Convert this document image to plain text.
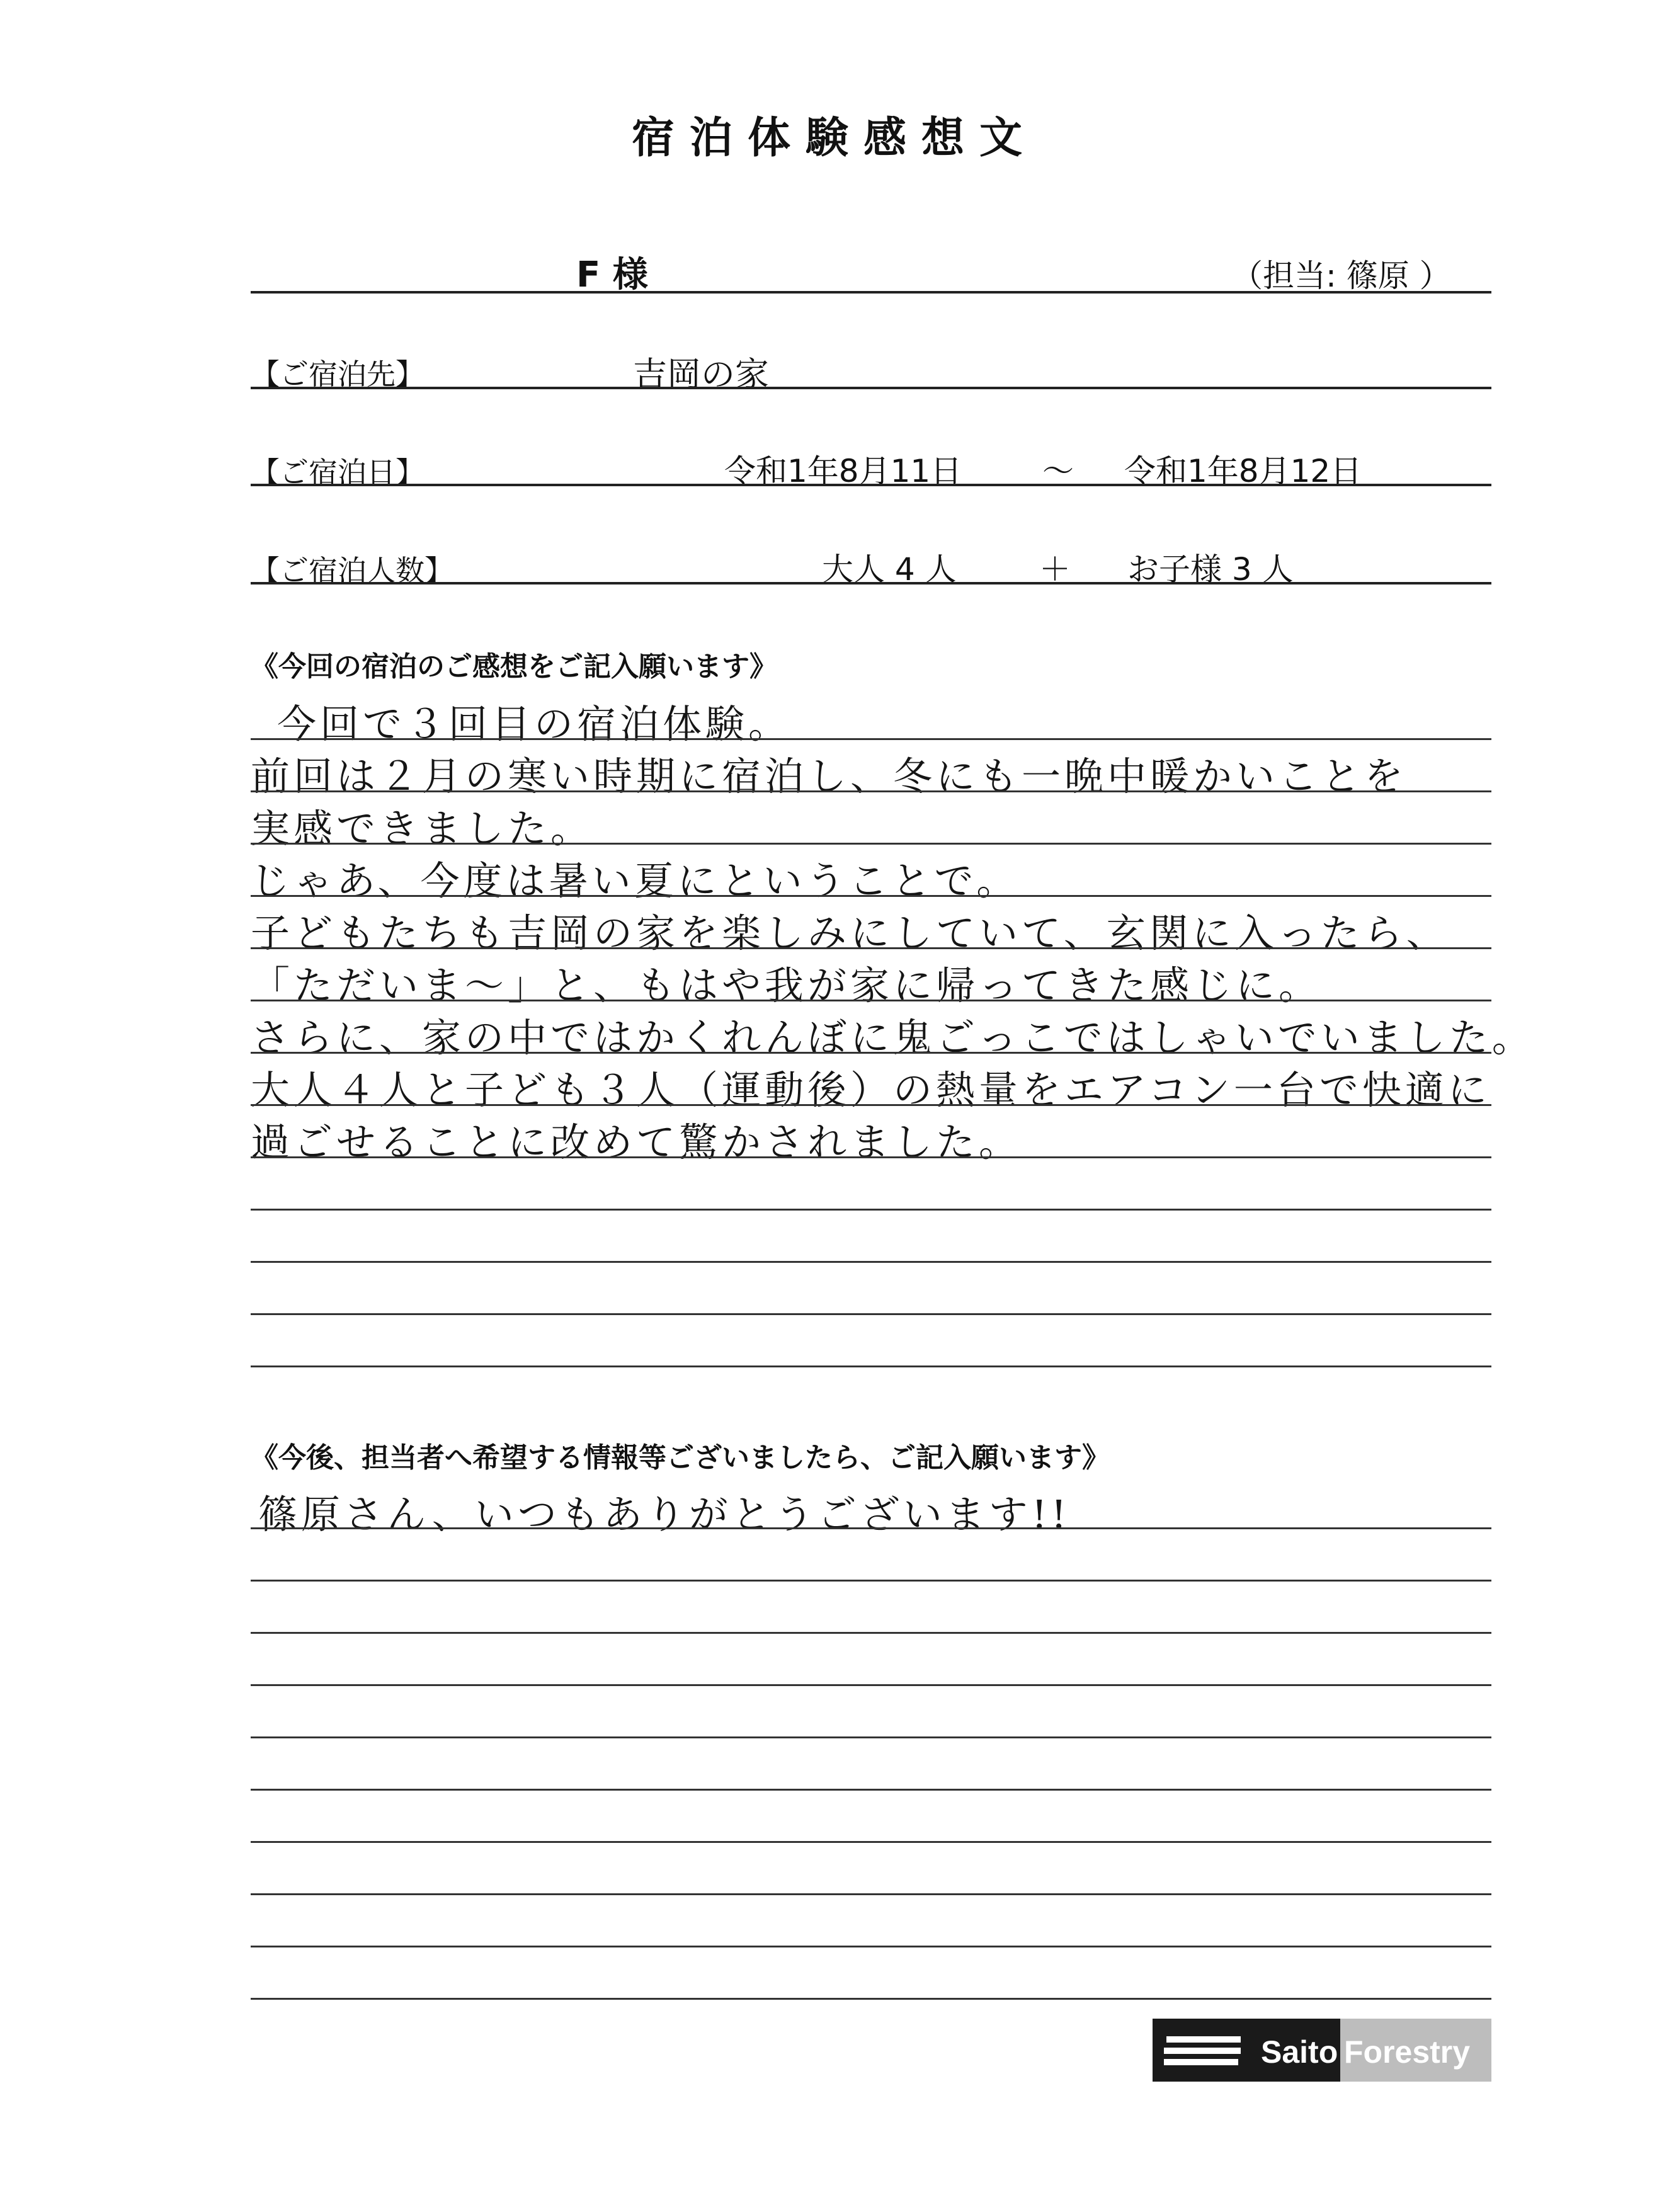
宿泊体験感想文
F 様	（担当: 篠原 ）
【ご宿泊先】	吉岡の家
【ご宿泊日】	令和1年8月11日	～ 令和1年8月12日
【ご宿泊人数】	大人 4 人	＋ お子様 3 人
《今回の宿泊のご感想をご記入願います》
今回で３回目の宿泊体験。
前回は２月の寒い時期に宿泊し、冬にも一晩中暖かいことを
実感できました。
じゃあ、今度は暑い夏にということで。
子どもたちも吉岡の家を楽しみにしていて、玄関に入ったら、
「ただいま～」と、もはや我が家に帰ってきた感じに。
さらに、家の中ではかくれんぼに鬼ごっこではしゃいでいました。
大人４人と子ども３人（運動後）の熱量をエアコン一台で快適に
過ごせることに改めて驚かされました。
《今後、担当者へ希望する情報等ございましたら、ご記入願います》
篠原さん、いつもありがとうございます!!
Saito Forestry
